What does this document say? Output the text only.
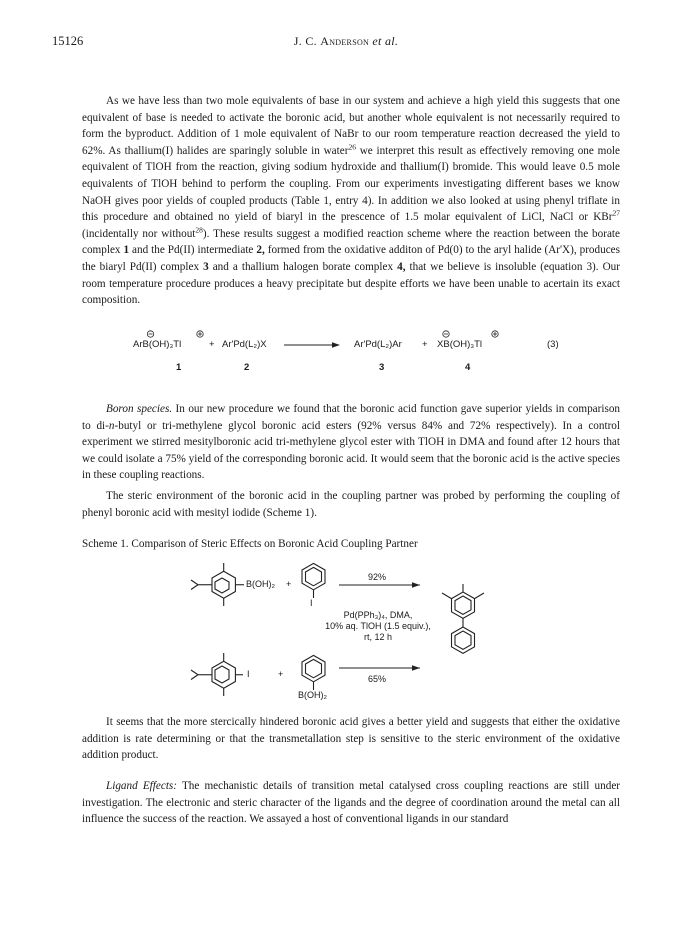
15126	J. C. Anderson et al.
As we have less than two mole equivalents of base in our system and achieve a high yield this suggests that one equivalent of base is needed to activate the boronic acid, but another whole equivalent is not necessarily required to form the byproduct. Addition of 1 mole equivalent of NaBr to our room temperature reaction decreased the yield to 62%. As thallium(I) halides are sparingly soluble in water$^{26}$ we interpret this result as effectively removing one mole equivalent of TlOH from the reaction, giving sodium hydroxide and thallium(I) bromide. This would leave 0.5 mole equivalents of TlOH behind to perform the coupling. From our experiments investigating different bases we know NaOH gives poor yields of coupled products (Table 1, entry 4). In addition we also looked at using phenyl triflate in this procedure and obtained no yield of biaryl in the prescence of 1.5 molar equivalent of LiCl, NaCl or KBr$^{27}$ (incidentally nor without$^{28}$). These results suggest a modified reaction scheme where the reaction between the borate complex 1 and the Pd(II) intermediate 2, formed from the oxidative additon of Pd(0) to the aryl halide (Ar'X), produces the biaryl Pd(II) complex 3 and a thallium halogen borate complex 4, that we believe is insoluble (equation 3). Our room temperature procedure produces a heavy precipitate but despite efforts we have been unable to acertain its exact composition.
ArB(OH)₃Tl	+ Ar'Pd(L₂)X	Ar'Pd(L₂)Ar + XB(OH)₃Tl	(3)
1	2	3	4
Boron species. In our new procedure we found that the boronic acid function gave superior yields in comparison to di-n-butyl or tri-methylene glycol boronic acid esters (92% versus 84% and 72% respectively). In a control experiment we stirred mesitylboronic acid tri-methylene glycol ester with TlOH in DMA and found after 12 hours that we could isolate a 75% yield of the corresponding boronic acid. It would seem that the boronic acid is the active species in these coupling reactions.
The steric environment of the boronic acid in the coupling partner was probed by performing the coupling of phenyl boronic acid with mesityl iodide (Scheme 1).
Scheme 1. Comparison of Steric Effects on Boronic Acid Coupling Partner
B(OH)₂ +
I
92%
Pd(PPh₃)₄, DMA,
10% aq. TlOH (1.5 equiv.),
rt, 12 h
I	+
B(OH)₂
65%
It seems that the more stercically hindered boronic acid gives a better yield and suggests that either the oxidative addition is rate determining or that the transmetallation step is sensitive to the steric environment of the oxidative addition product.
Ligand Effects: The mechanistic details of transition metal catalysed cross coupling reactions are still under investigation. The electronic and steric character of the ligands and the degree of coordination around the metal can all influence the success of the reaction. We assayed a host of conventional ligands in our standard
